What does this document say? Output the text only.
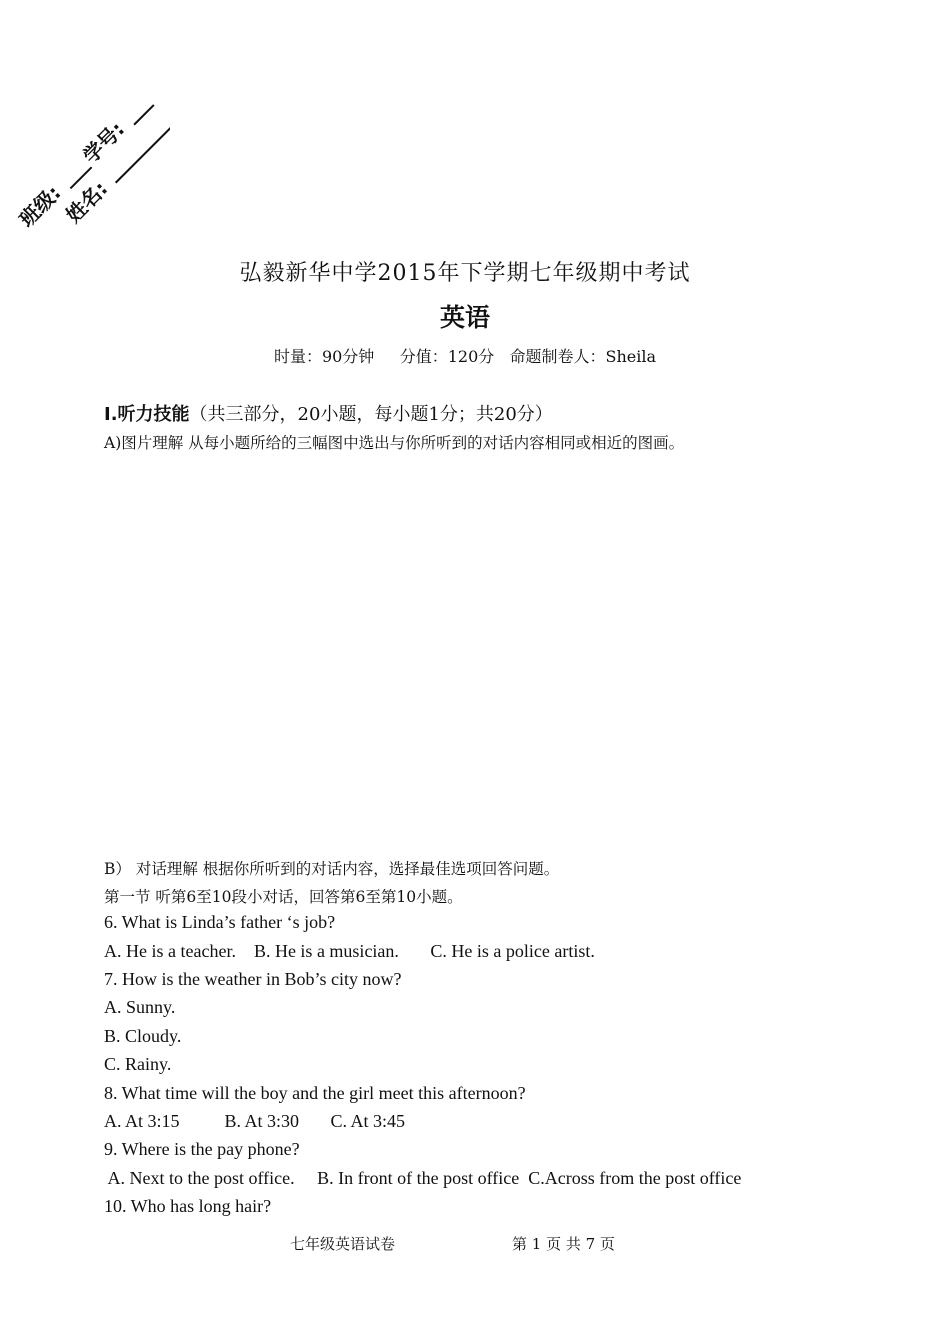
班级:
学号:
姓名:
弘毅新华中学2015年下学期七年级期中考试
英语
时量：90分钟     分值：120分   命题制卷人：Sheila
I.听力技能（共三部分，20小题，每小题1分；共20分）
A)图片理解 从每小题所给的三幅图中选出与你所听到的对话内容相同或相近的图画。
B） 对话理解 根据你所听到的对话内容，选择最佳选项回答问题。
第一节 听第6至10段小对话，回答第6至第10小题。
6. What is Linda’s father ‘s job?
A. He is a teacher.    B. He is a musician.       C. He is a police artist.
7. How is the weather in Bob’s city now?
A. Sunny.
B. Cloudy.
C. Rainy.
8. What time will the boy and the girl meet this afternoon?
A. At 3:15          B. At 3:30       C. At 3:45
9. Where is the pay phone?
A. Next to the post office.     B. In front of the post office  C.Across from the post office
10. Who has long hair?
七年级英语试卷	第 1 页 共 7 页
